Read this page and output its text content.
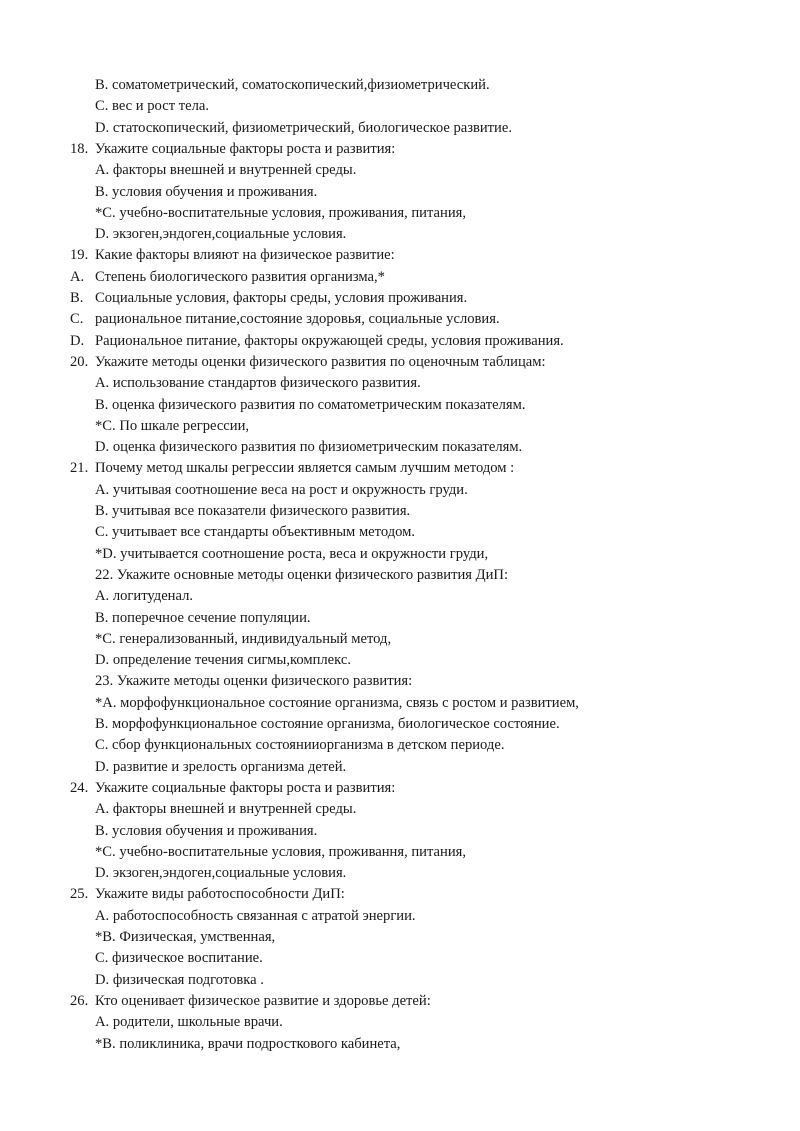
B. соматометрический, соматоскопический,физиометрический.
C. вес и рост тела.
D. статоскопический, физиометрический, биологическое развитие.
18. Укажите социальные факторы роста и развития:
A. факторы внешней и внутренней среды.
B. условия обучения и проживания.
*C. учебно-воспитательные условия, проживания, питания,
D. экзоген,эндоген,социальные условия.
19. Какие факторы влияют на физическое развитие:
A. Степень биологического развития организма,*
B. Социальные условия, факторы среды, условия проживания.
C. рациональное питание,состояние здоровья, социальные условия.
D. Рациональное питание, факторы окружающей среды, условия проживания.
20. Укажите методы оценки физического развития по оценочным таблицам:
A. использование стандартов физического развития.
B. оценка физического развития по соматометрическим показателям.
*C. По шкале регрессии,
D. оценка физического развития по физиометрическим показателям.
21. Почему метод шкалы регрессии является самым лучшим методом :
A. учитывая соотношение веса на рост и окружность груди.
B. учитывая все показатели физического развития.
C. учитывает все стандарты объективным методом.
*D. учитывается соотношение роста, веса и окружности груди,
22. Укажите основные методы оценки физического развития ДиП:
A. логитуденал.
B. поперечное сечение популяции.
*C. генерализованный, индивидуальный метод,
D. определение течения сигмы,комплекс.
23. Укажите методы оценки физического развития:
*A. морфофункциональное состояние организма, связь с ростом и развитием,
B. морфофункциональное состояние организма, биологическое состояние.
C. сбор функциональных состоянииорганизма в детском периоде.
D. развитие и зрелость организма детей.
24. Укажите социальные факторы роста и развития:
A. факторы внешней и внутренней среды.
B. условия обучения и проживания.
*C. учебно-воспитательные условия, проживання, питания,
D. экзоген,эндоген,социальные условия.
25. Укажите виды работоспособности ДиП:
A. работоспособность связанная с атратой энергии.
*B. Физическая, умственная,
C. физическое воспитание.
D. физическая подготовка .
26. Кто оценивает физическое развитие и здоровье детей:
A. родители, школьные врачи.
*B. поликлиника, врачи подросткового кабинета,
